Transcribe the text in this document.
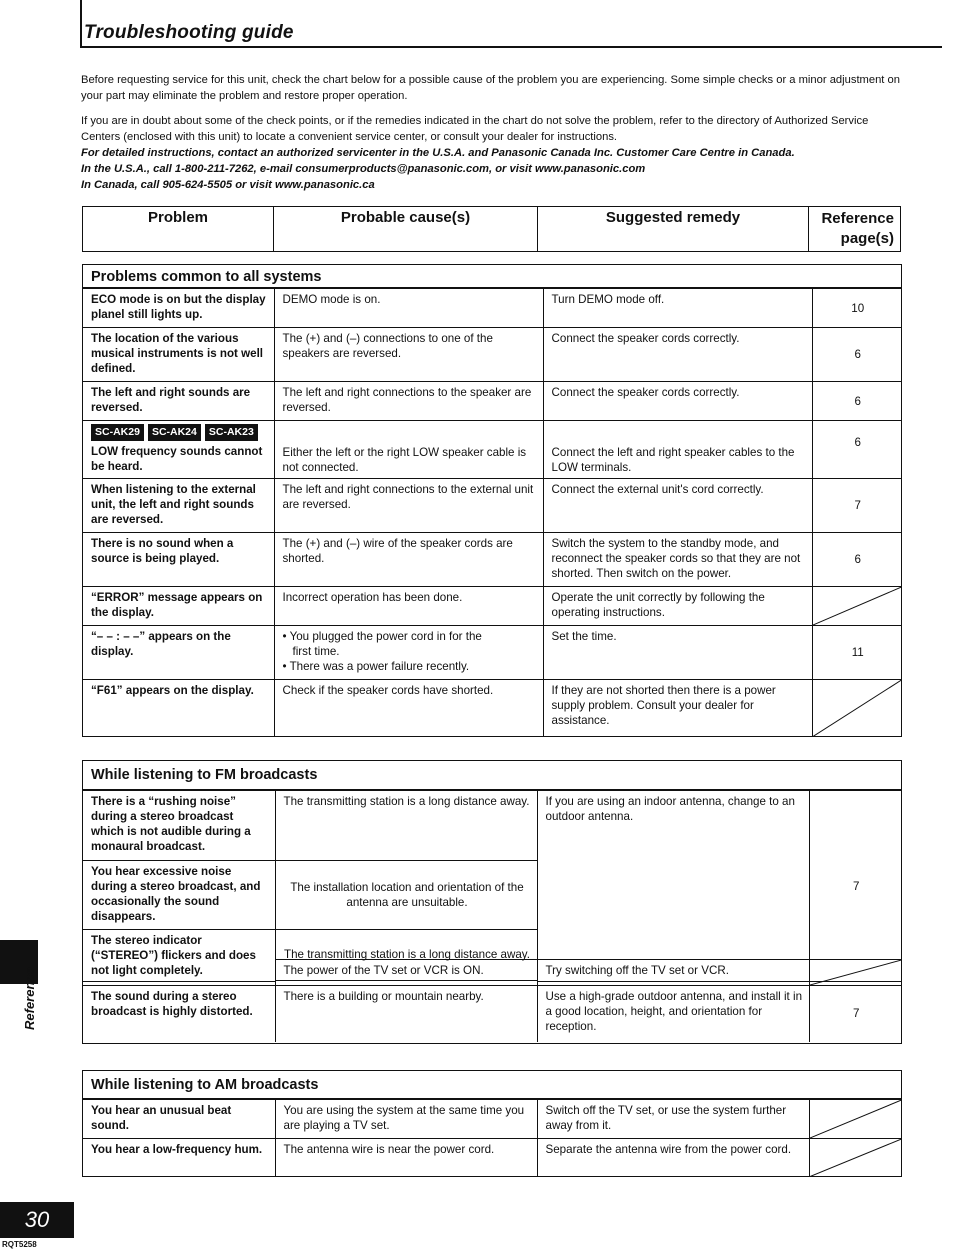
Troubleshooting guide
Before requesting service for this unit, check the chart below for a possible cause of the problem you are experiencing. Some simple checks or a minor adjustment on your part may eliminate the problem and restore proper operation.
If you are in doubt about some of the check points, or if the remedies indicated in the chart do not solve the problem, refer to the directory of Authorized Service Centers (enclosed with this unit) to locate a convenient service center, or consult your dealer for instructions.
For detailed instructions, contact an authorized servicenter in the U.S.A. and Panasonic Canada Inc. Customer Care Centre in Canada.
In the U.S.A., call 1-800-211-7262, e-mail consumerproducts@panasonic.com, or visit www.panasonic.com
In Canada, call 905-624-5505 or visit www.panasonic.ca
Problem	Probable cause(s)	Suggested remedy	Reference
page(s)
Problems common to all systems
ECO mode is on but the display planel still lights up.	DEMO mode is on.	Turn DEMO mode off.	10
The location of the various musical instruments is not well defined.	The (+) and (–) connections to one of the speakers are reversed.	Connect the speaker cords correctly.	6
The left and right sounds are reversed.	The left and right connections to the speaker are reversed.	Connect the speaker cords correctly.	6

SC-AK29 SC-AK24 SC-AK23
LOW frequency sounds cannot be heard.	Either the left or the right LOW speaker cable is not connected.	Connect the left and right speaker cables to the LOW terminals.	6
When listening to the external unit, the left and right sounds are reversed.	The left and right connections to the external unit are reversed.	Connect the external unit's cord correctly.	7
There is no sound when a source is being played.	The (+) and (–) wire of the speaker cords are shorted.	Switch the system to the standby mode, and reconnect the speaker cords so that they are not shorted. Then switch on the power.	6
“ERROR” message appears on the display.	Incorrect operation has been done.	Operate the unit correctly by following the operating instructions.	

“– – : – –” appears on the display.	• You plugged the power cord in for the
first time.
• There was a power failure recently.	Set the time.	11
“F61” appears on the display.	Check if the speaker cords have shorted.	If they are not shorted then there is a power supply problem. Consult your dealer for assistance.	
While listening to FM broadcasts
There is a “rushing noise” during a stereo broadcast which is not audible during a monaural broadcast.	The transmitting station is a long distance away.	If you are using an indoor antenna, change to an outdoor antenna.	7
You hear excessive noise during a stereo broadcast, and occasionally the sound disappears.	The installation location and orientation of the antenna are unsuitable.		
The stereo indicator (“STEREO”) flickers and does not light completely.	The transmitting station is a long distance away.		

	The power of the TV set or VCR is ON.	Try switching off the TV set or VCR.	

The sound during a stereo broadcast is highly distorted.	There is a building or mountain nearby.	Use a high-grade outdoor antenna, and install it in a good location, height, and orientation for reception.	7
While listening to AM broadcasts
You hear an unusual beat sound.	You are using the system at the same time you are playing a TV set.	Switch off the TV set, or use the system further away from it.	

You hear a low-frequency hum.	The antenna wire is near the power cord.	Separate the antenna wire from the power cord.	
Reference
30
RQT5258
